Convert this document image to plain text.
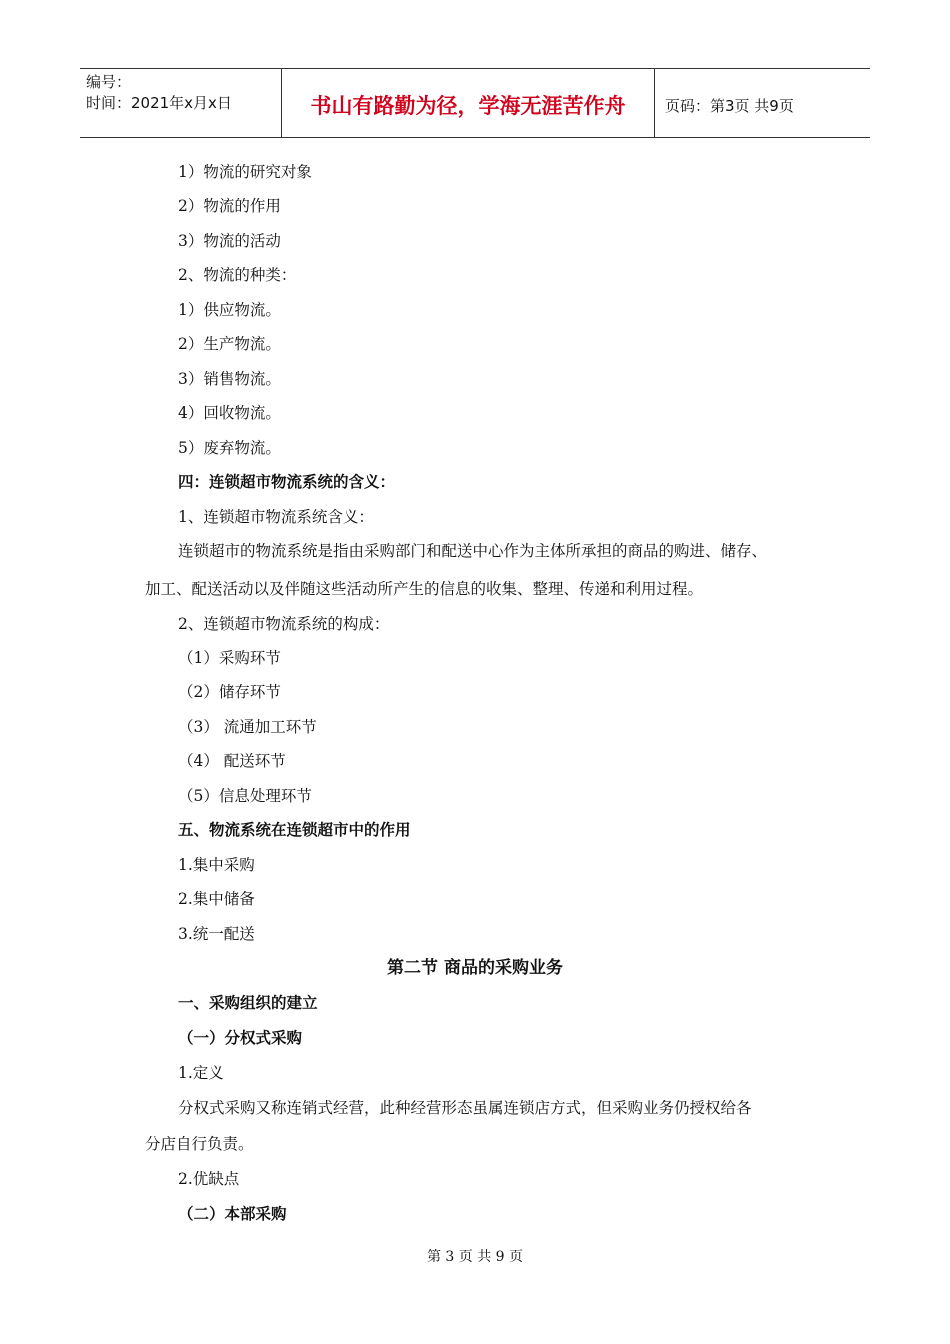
编号：
时间：2021年x月x日	书山有路勤为径，学海无涯苦作舟	页码：第3页 共9页
1）物流的研究对象
2）物流的作用
3）物流的活动
2、物流的种类：
1）供应物流。
2）生产物流。
3）销售物流。
4）回收物流。
5）废弃物流。
四：连锁超市物流系统的含义：
1、连锁超市物流系统含义：
连锁超市的物流系统是指由采购部门和配送中心作为主体所承担的商品的购进、储存、
加工、配送活动以及伴随这些活动所产生的信息的收集、整理、传递和利用过程。
2、连锁超市物流系统的构成：
（1）采购环节
（2）储存环节
（3） 流通加工环节
（4） 配送环节
（5）信息处理环节
五、物流系统在连锁超市中的作用
1.集中采购
2.集中储备
3.统一配送
第二节 商品的采购业务
一、采购组织的建立
（一）分权式采购
1.定义
分权式采购又称连销式经营，此种经营形态虽属连锁店方式，但采购业务仍授权给各
分店自行负责。
2.优缺点
（二）本部采购
第 3 页 共 9 页
